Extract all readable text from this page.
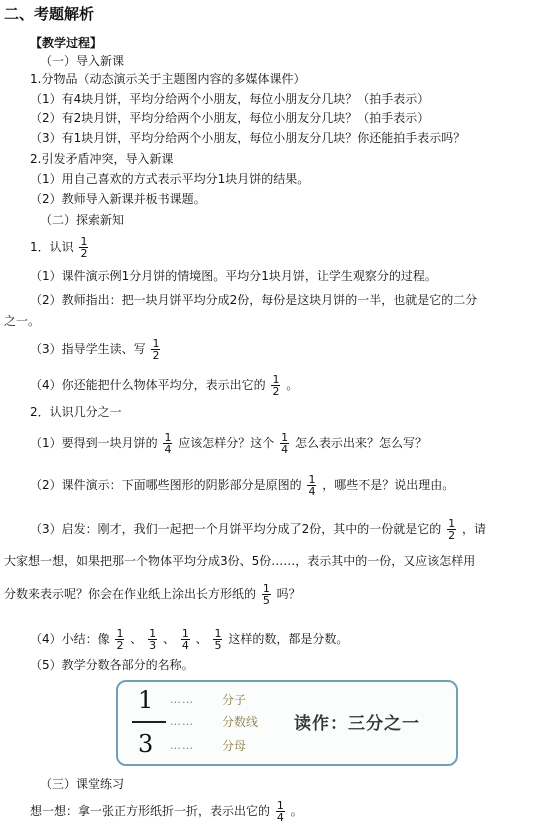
二、考题解析
【教学过程】
（一）导入新课
1.分物品（动态演示关于主题图内容的多媒体课件）
（1）有4块月饼，平均分给两个小朋友，每位小朋友分几块？（拍手表示）
（2）有2块月饼，平均分给两个小朋友，每位小朋友分几块？（拍手表示）
（3）有1块月饼，平均分给两个小朋友，每位小朋友分几块？你还能拍手表示吗？
2.引发矛盾冲突，导入新课
（1）用自己喜欢的方式表示平均分1块月饼的结果。
（2）教师导入新课并板书课题。
（二）探索新知
1．认识 $\frac{1}{2}$
（1）课件演示例1分月饼的情境图。平均分1块月饼，让学生观察分的过程。
（2）教师指出：把一块月饼平均分成2份，每份是这块月饼的一半，也就是它的二分
之一。
（3）指导学生读、写 $\frac{1}{2}$
（4）你还能把什么物体平均分，表示出它的 $\frac{1}{2}$ 。
2．认识几分之一
（1）要得到一块月饼的 $\frac{1}{4}$ 应该怎样分？这个 $\frac{1}{4}$ 怎么表示出来？怎么写？
（2）课件演示：下面哪些图形的阴影部分是原图的 $\frac{1}{4}$ ，哪些不是？说出理由。
（3）启发：刚才，我们一起把一个月饼平均分成了2份，其中的一份就是它的 $\frac{1}{2}$ ，请
大家想一想，如果把那一个物体平均分成3份、5份……，表示其中的一份，又应该怎样用
分数来表示呢？你会在作业纸上涂出长方形纸的 $\frac{1}{5}$ 吗？
（4）小结：像 $\frac{1}{2}$ 、 $\frac{1}{3}$ 、 $\frac{1}{4}$ 、 $\frac{1}{5}$ 这样的数，都是分数。
（5）教学分数各部分的名称。
1
3
…… 分子
…… 分数线
…… 分母
读作：三分之一
（三）课堂练习
想一想：拿一张正方形纸折一折，表示出它的 $\frac{1}{4}$ 。
